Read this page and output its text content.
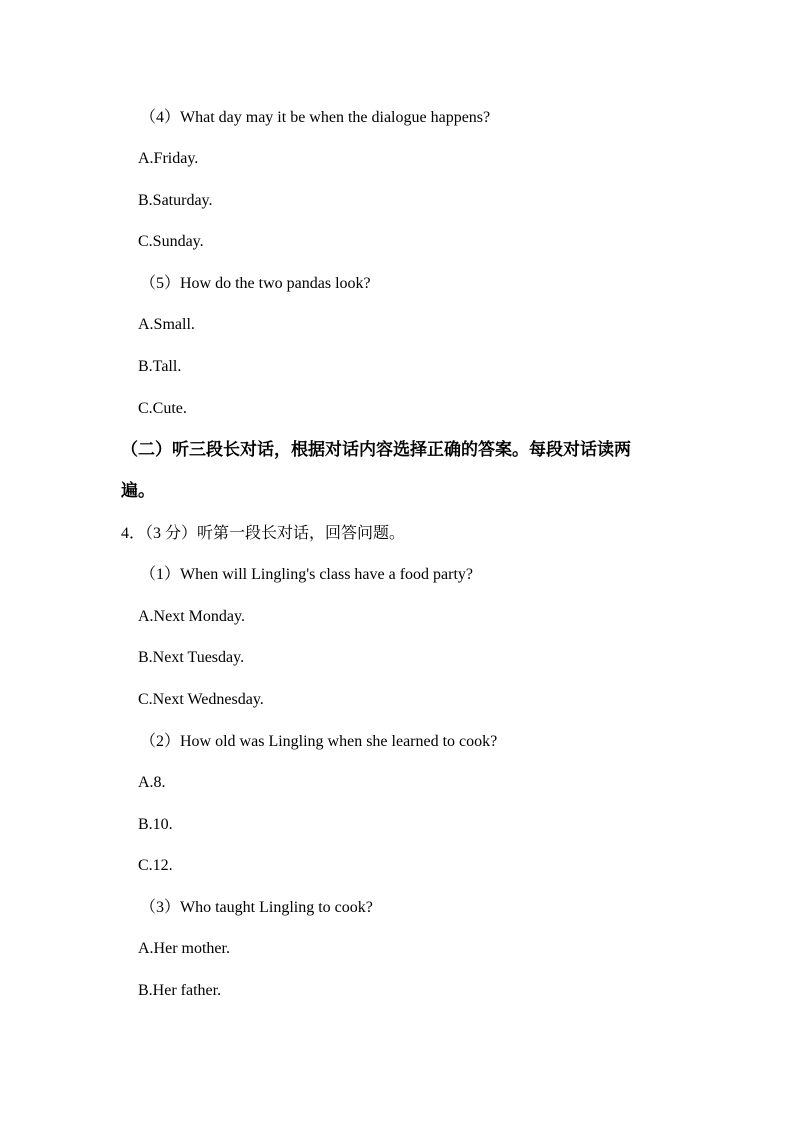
（4）What day may it be when the dialogue happens?
A.Friday.
B.Saturday.
C.Sunday.
（5）How do the two pandas look?
A.Small.
B.Tall.
C.Cute.
（二）听三段长对话，根据对话内容选择正确的答案。每段对话读两
遍。
4．（3 分）听第一段长对话，回答问题。
（1）When will Lingling's class have a food party?
A.Next Monday.
B.Next Tuesday.
C.Next Wednesday.
（2）How old was Lingling when she learned to cook?
A.8.
B.10.
C.12.
（3）Who taught Lingling to cook?
A.Her mother.
B.Her father.
